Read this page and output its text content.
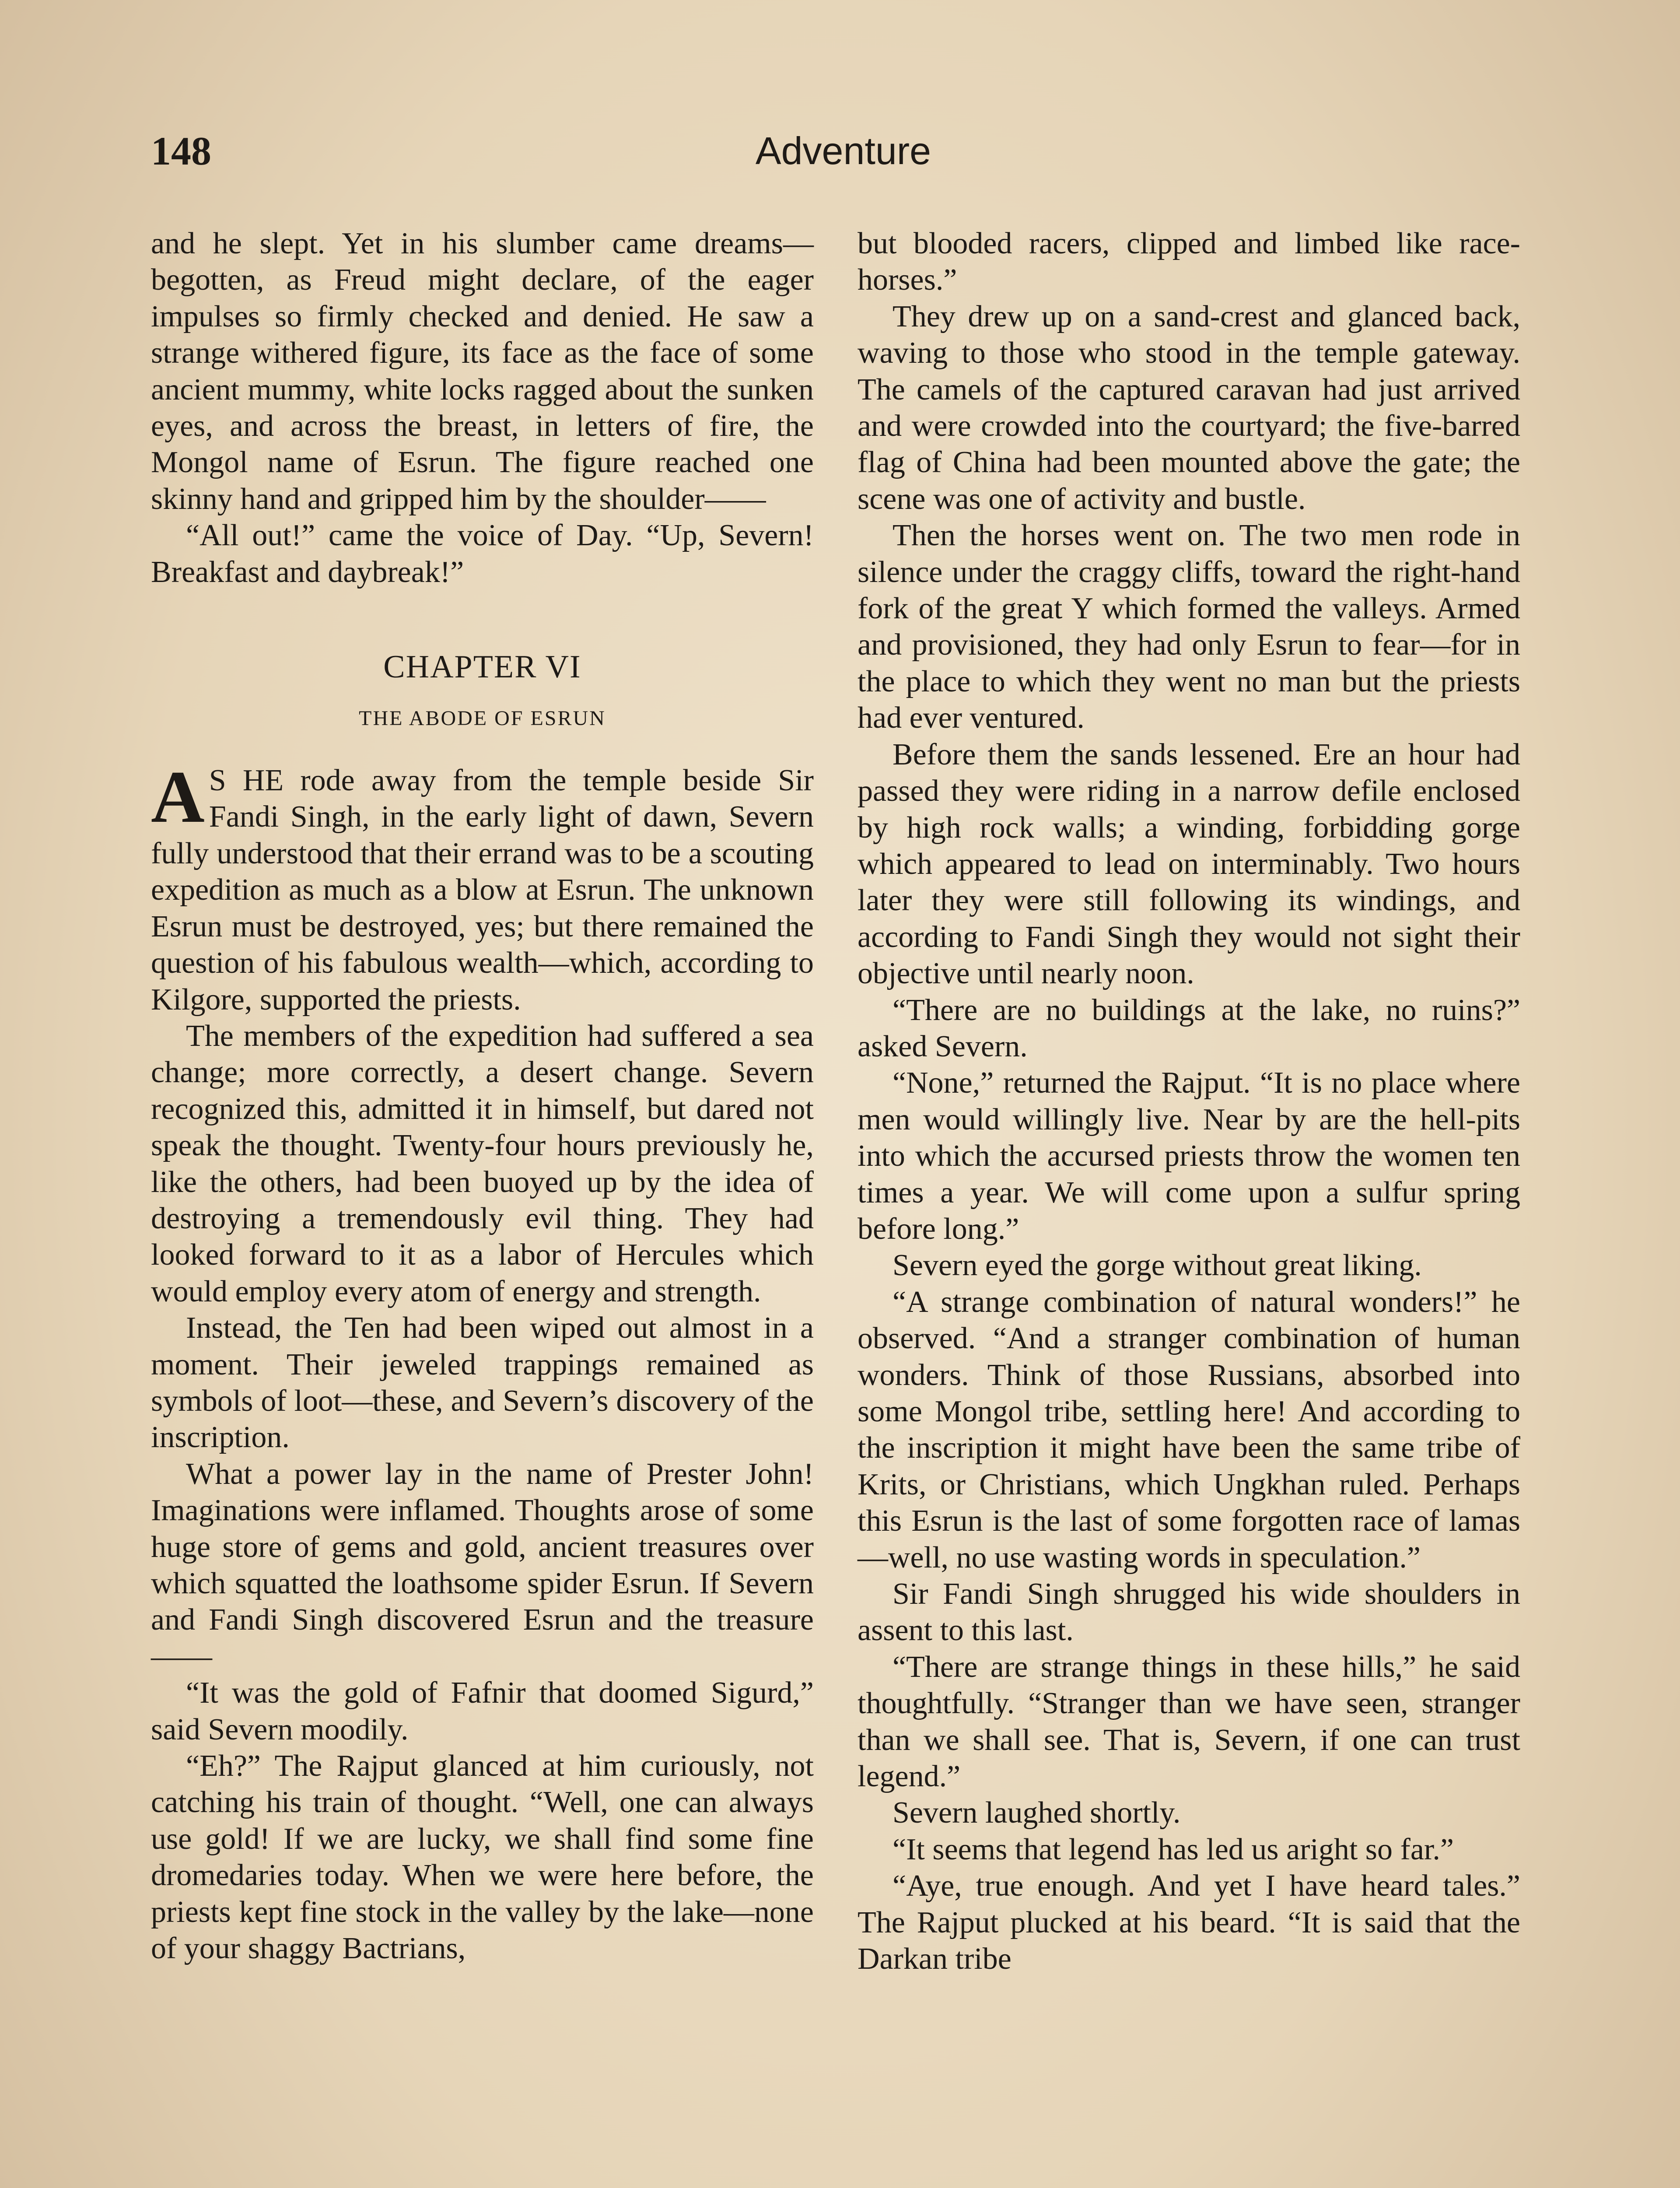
148	Adventure

and he slept. Yet in his slumber came dreams—begotten, as Freud might declare, of the eager impulses so firmly checked and denied. He saw a strange withered figure, its face as the face of some ancient mummy, white locks ragged about the sunken eyes, and across the breast, in letters of fire, the Mongol name of Esrun. The figure reached one skinny hand and gripped him by the shoulder——

“All out!” came the voice of Day. “Up, Severn! Breakfast and daybreak!”

CHAPTER VI
THE ABODE OF ESRUN

A S HE rode away from the temple beside Sir Fandi Singh, in the early light of dawn, Severn fully understood that their errand was to be a scouting expedition as much as a blow at Esrun. The unknown Esrun must be destroyed, yes; but there remained the question of his fabulous wealth—which, according to Kilgore, supported the priests.

The members of the expedition had suffered a sea change; more correctly, a desert change. Severn recognized this, admitted it in himself, but dared not speak the thought. Twenty-four hours previously he, like the others, had been buoyed up by the idea of destroying a tremendously evil thing. They had looked forward to it as a labor of Hercules which would employ every atom of energy and strength.

Instead, the Ten had been wiped out almost in a moment. Their jeweled trappings remained as symbols of loot—these, and Severn’s discovery of the inscription.

What a power lay in the name of Prester John! Imaginations were inflamed. Thoughts arose of some huge store of gems and gold, ancient treasures over which squatted the loathsome spider Esrun. If Severn and Fandi Singh discovered Esrun and the treasure——

“It was the gold of Fafnir that doomed Sigurd,” said Severn moodily.

“Eh?” The Rajput glanced at him curiously, not catching his train of thought. “Well, one can always use gold! If we are lucky, we shall find some fine dromedaries today. When we were here before, the priests kept fine stock in the valley by the lake—none of your shaggy Bactrians,

but blooded racers, clipped and limbed like race-horses.”

They drew up on a sand-crest and glanced back, waving to those who stood in the temple gateway. The camels of the captured caravan had just arrived and were crowded into the courtyard; the five-barred flag of China had been mounted above the gate; the scene was one of activity and bustle.

Then the horses went on. The two men rode in silence under the craggy cliffs, toward the right-hand fork of the great Y which formed the valleys. Armed and provisioned, they had only Esrun to fear—for in the place to which they went no man but the priests had ever ventured.

Before them the sands lessened. Ere an hour had passed they were riding in a narrow defile enclosed by high rock walls; a winding, forbidding gorge which appeared to lead on interminably. Two hours later they were still following its windings, and according to Fandi Singh they would not sight their objective until nearly noon.

“There are no buildings at the lake, no ruins?” asked Severn.

“None,” returned the Rajput. “It is no place where men would willingly live. Near by are the hell-pits into which the accursed priests throw the women ten times a year. We will come upon a sulfur spring before long.”

Severn eyed the gorge without great liking.

“A strange combination of natural wonders!” he observed. “And a stranger combination of human wonders. Think of those Russians, absorbed into some Mongol tribe, settling here! And according to the inscription it might have been the same tribe of Krits, or Christians, which Ungkhan ruled. Perhaps this Esrun is the last of some forgotten race of lamas—well, no use wasting words in speculation.”

Sir Fandi Singh shrugged his wide shoulders in assent to this last.

“There are strange things in these hills,” he said thoughtfully. “Stranger than we have seen, stranger than we shall see. That is, Severn, if one can trust legend.”

Severn laughed shortly.

“It seems that legend has led us aright so far.”

“Aye, true enough. And yet I have heard tales.” The Rajput plucked at his beard. “It is said that the Darkan tribe
